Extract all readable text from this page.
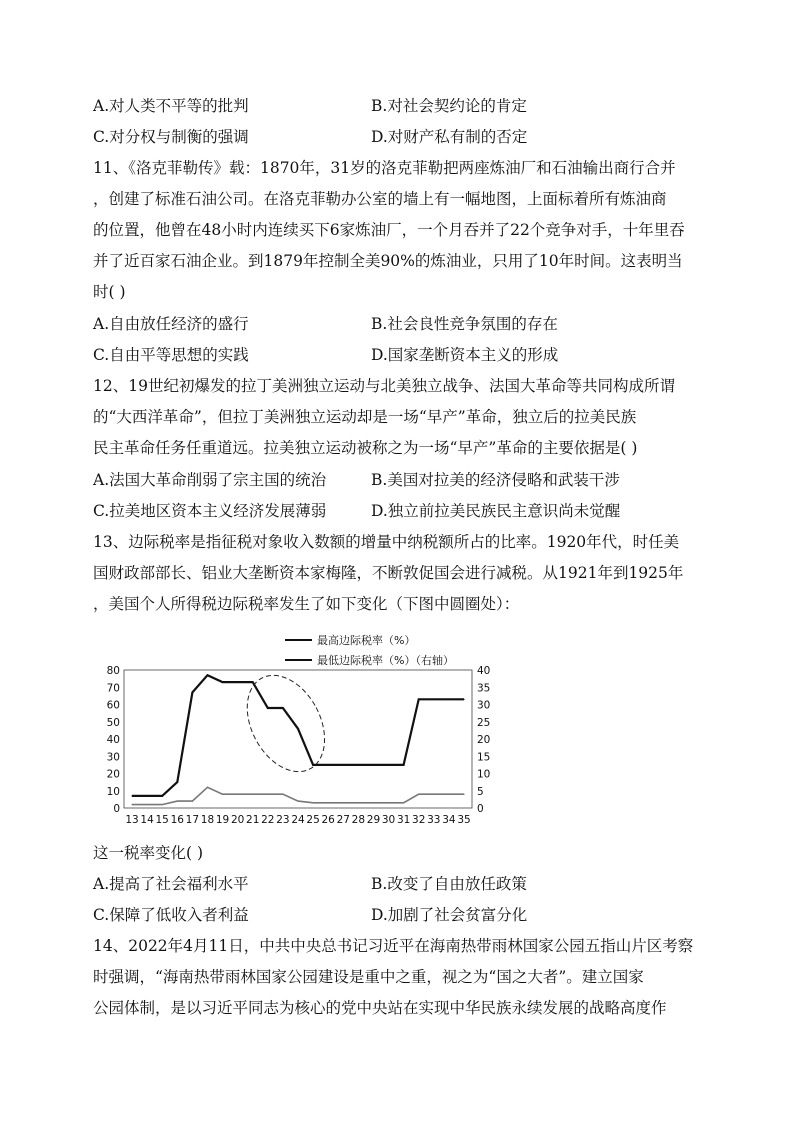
A.对人类不平等的批判	B.对社会契约论的肯定
C.对分权与制衡的强调	D.对财产私有制的否定
11、《洛克菲勒传》载：1870年，31岁的洛克菲勒把两座炼油厂和石油输出商行合并
，创建了标准石油公司。在洛克菲勒办公室的墙上有一幅地图，上面标着所有炼油商
的位置，他曾在48小时内连续买下6家炼油厂，一个月吞并了22个竞争对手，十年里吞
并了近百家石油企业。到1879年控制全美90%的炼油业，只用了10年时间。这表明当
时( )
A.自由放任经济的盛行	B.社会良性竞争氛围的存在
C.自由平等思想的实践	D.国家垄断资本主义的形成
12、19世纪初爆发的拉丁美洲独立运动与北美独立战争、法国大革命等共同构成所谓
的“大西洋革命”，但拉丁美洲独立运动却是一场“早产”革命，独立后的拉美民族
民主革命任务任重道远。拉美独立运动被称之为一场“早产”革命的主要依据是( )
A.法国大革命削弱了宗主国的统治	B.美国对拉美的经济侵略和武装干涉
C.拉美地区资本主义经济发展薄弱	D.独立前拉美民族民主意识尚未觉醒
13、边际税率是指征税对象收入数额的增量中纳税额所占的比率。1920年代，时任美
国财政部部长、铝业大垄断资本家梅隆，不断敦促国会进行减税。从1921年到1925年
，美国个人所得税边际税率发生了如下变化（下图中圆圈处）：
最高边际税率（%）
最低边际税率（%）（右轴）
0
10
20
30
40
50
60
70
80
0
5
10
15
20
25
30
35
40
13 14 15 16 17 18 19 20 21 22 23 24 25 26 27 28 29 30 31 32 33 34 35
这一税率变化( )
A.提高了社会福利水平	B.改变了自由放任政策
C.保障了低收入者利益	D.加剧了社会贫富分化
14、2022年4月11日，中共中央总书记习近平在海南热带雨林国家公园五指山片区考察
时强调，“海南热带雨林国家公园建设是重中之重，视之为“国之大者”。建立国家
公园体制，是以习近平同志为核心的党中央站在实现中华民族永续发展的战略高度作
